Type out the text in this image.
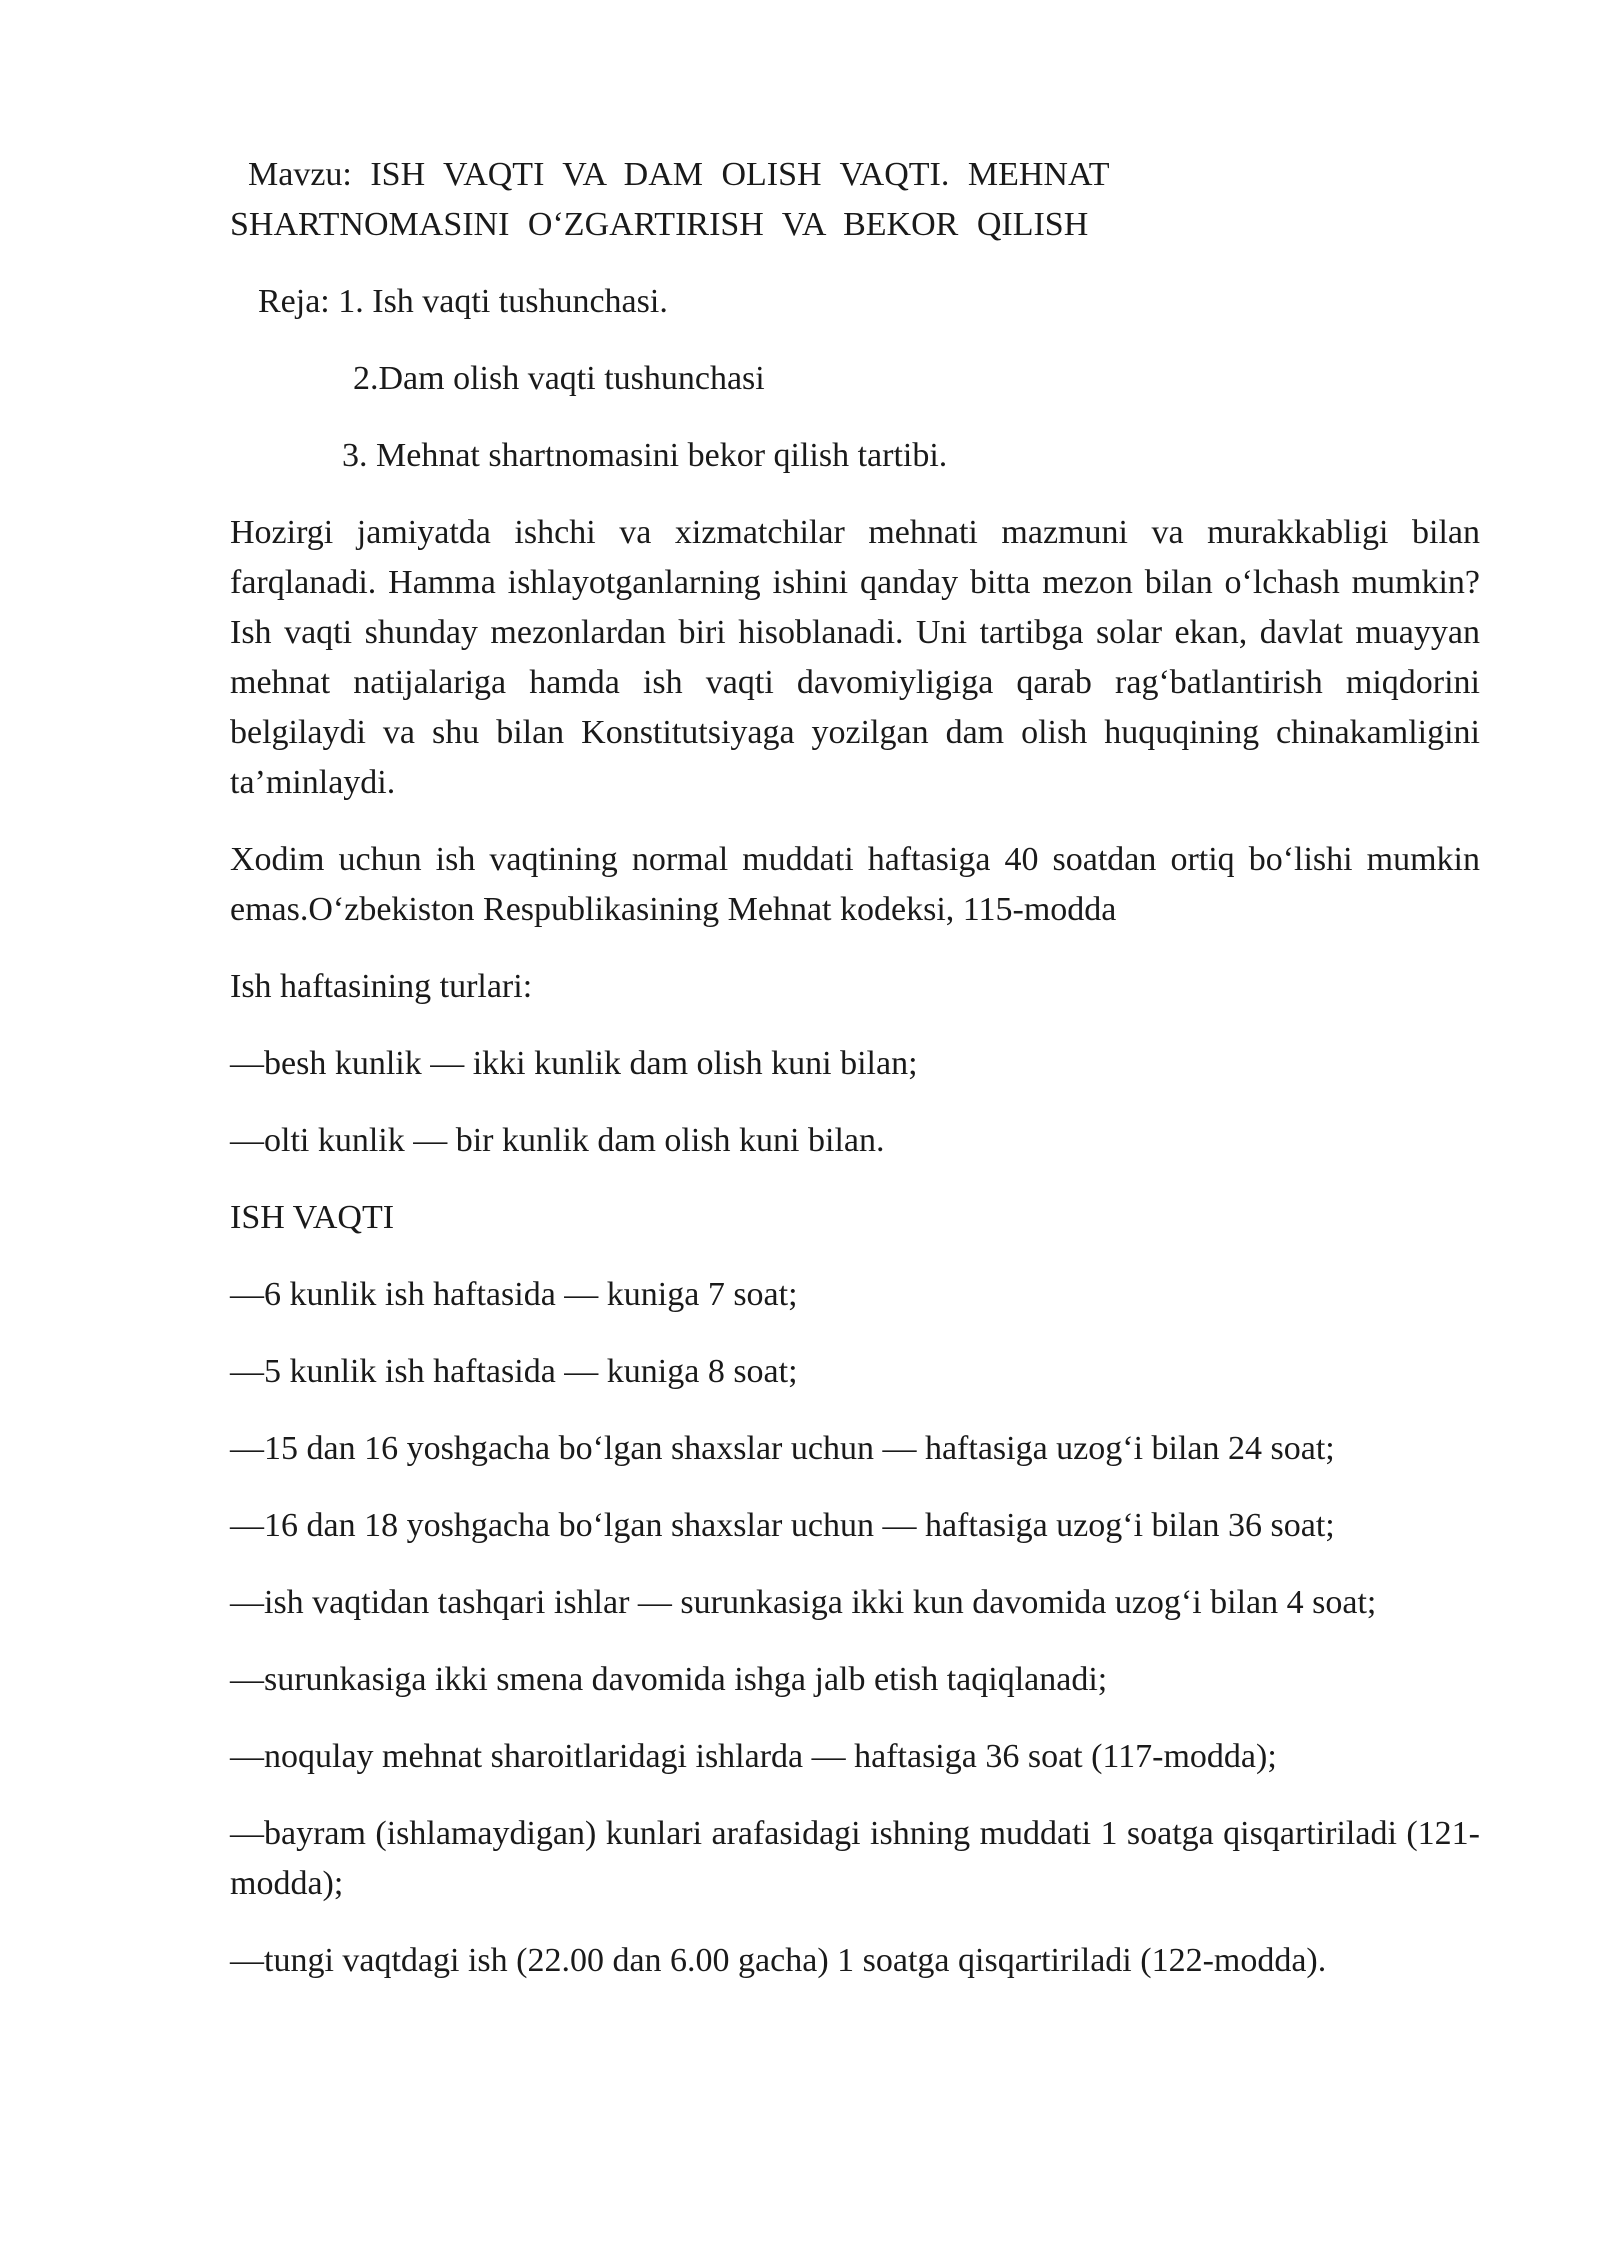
Mavzu: ISH VAQTI VA DAM OLISH VAQTI. MEHNAT
SHARTNOMASINI O‘ZGARTIRISH VA BEKOR QILISH

Reja: 1. Ish vaqti tushunchasi.

2.Dam olish vaqti tushunchasi

3. Mehnat shartnomasini bekor qilish tartibi.

Hozirgi jamiyatda ishchi va xizmatchilar mehnati mazmuni va murakkabligi bilan farqlanadi. Hamma ishlayotganlarning ishini qanday bitta mezon bilan o‘lchash mumkin? Ish vaqti shunday mezonlardan biri hisoblanadi. Uni tartibga solar ekan, davlat muayyan mehnat natijalariga hamda ish vaqti davomiyligiga qarab rag‘batlantirish miqdorini belgilaydi va shu bilan Konstitutsiyaga yozilgan dam olish huquqining chinakamligini ta’minlaydi.

Xodim uchun ish vaqtining normal muddati haftasiga 40 soatdan ortiq bo‘lishi mumkin emas.O‘zbekiston Respublikasining Mehnat kodeksi, 115-modda

Ish haftasining turlari:

—besh kunlik — ikki kunlik dam olish kuni bilan;

—olti kunlik — bir kunlik dam olish kuni bilan.

ISH VAQTI

—6 kunlik ish haftasida — kuniga 7 soat;

—5 kunlik ish haftasida — kuniga 8 soat;

—15 dan 16 yoshgacha bo‘lgan shaxslar uchun — haftasiga uzog‘i bilan 24 soat;

—16 dan 18 yoshgacha bo‘lgan shaxslar uchun — haftasiga uzog‘i bilan 36 soat;

—ish vaqtidan tashqari ishlar — surunkasiga ikki kun davomida uzog‘i bilan 4 soat;

—surunkasiga ikki smena davomida ishga jalb etish taqiqlanadi;

—noqulay mehnat sharoitlaridagi ishlarda — haftasiga 36 soat (117-modda);

—bayram (ishlamaydigan) kunlari arafasidagi ishning muddati 1 soatga qisqartiriladi (121-modda);

—tungi vaqtdagi ish (22.00 dan 6.00 gacha) 1 soatga qisqartiriladi (122-modda).
